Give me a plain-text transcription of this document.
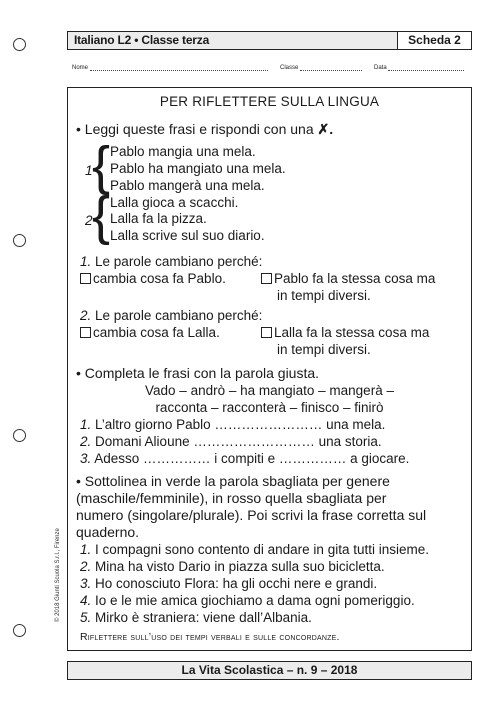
Italiano L2 • Classe terza	Scheda 2
Nome	Classe	Data
PER RIFLETTERE SULLA LINGUA
• Leggi queste frasi e rispondi con una ✗.
1 { Pablo mangia una mela.
Pablo ha mangiato una mela.
Pablo mangerà una mela.
2 { Lalla gioca a scacchi.
Lalla fa la pizza.
Lalla scrive sul suo diario.
1. Le parole cambiano perché:
cambia cosa fa Pablo.	Pablo fa la stessa cosa ma
in tempi diversi.
2. Le parole cambiano perché:
cambia cosa fa Lalla.	Lalla fa la stessa cosa ma
in tempi diversi.
• Completa le frasi con la parola giusta.
Vado – andrò – ha mangiato – mangerà –
racconta – racconterà – finisco – finirò
1. L’altro giorno Pablo …………………… una mela.
2. Domani Alioune ……………………… una storia.
3. Adesso …………… i compiti e …………… a giocare.
• Sottolinea in verde la parola sbagliata per genere
(maschile/femminile), in rosso quella sbagliata per
numero (singolare/plurale). Poi scrivi la frase corretta sul
quaderno.
1. I compagni sono contento di andare in gita tutti insieme.
2. Mina ha visto Dario in piazza sulla suo bicicletta.
3. Ho conosciuto Flora: ha gli occhi nere e grandi.
4. Io e le mie amica giochiamo a dama ogni pomeriggio.
5. Mirko è straniera: viene dall’Albania.
Riflettere sull’uso dei tempi verbali e sulle concordanze.
© 2018 Giunti Scuola S.r.l., Firenze
La Vita Scolastica – n. 9 – 2018
